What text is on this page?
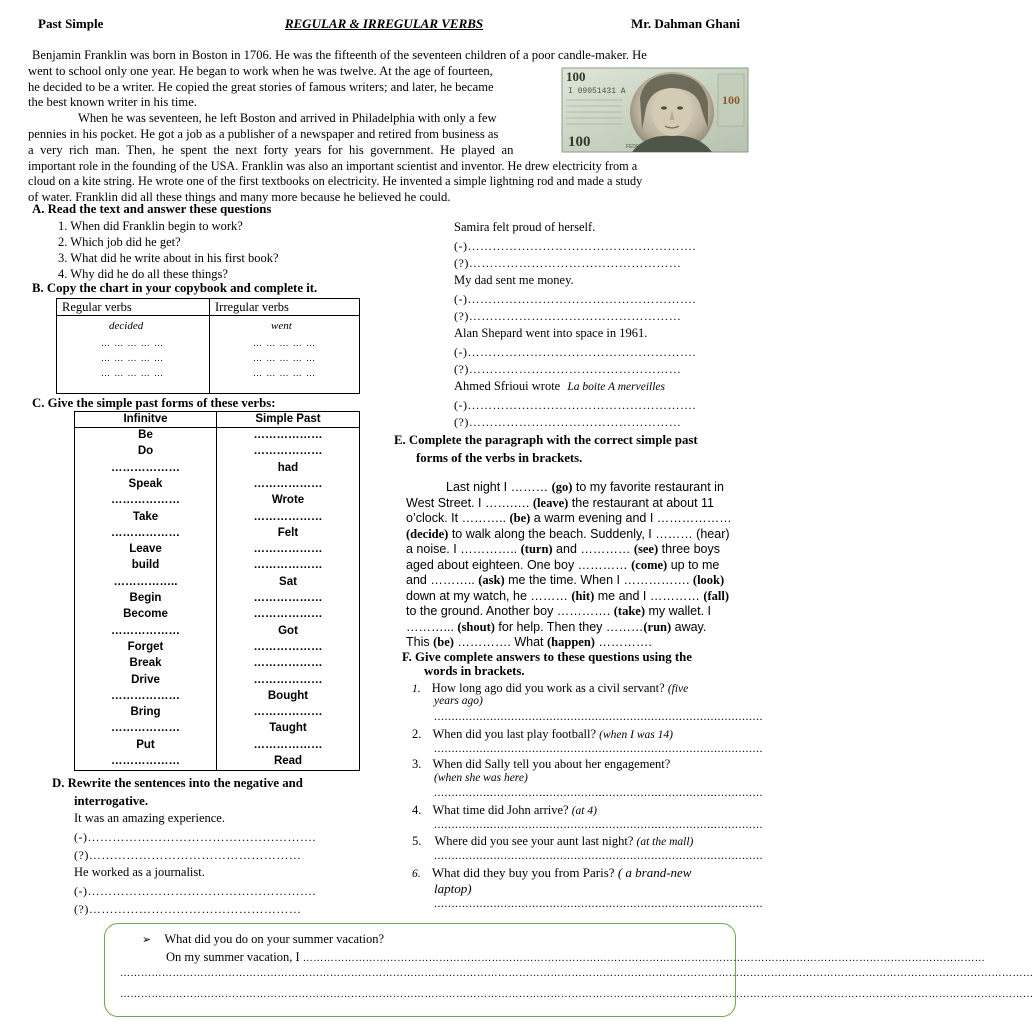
Past Simple	REGULAR & IRREGULAR VERBS	Mr. Dahman Ghani
Benjamin Franklin was born in Boston in 1706. He was the fifteenth of the seventeen children of a poor candle-maker. He
went to school only one year. He began to work when he was twelve. At the age of fourteen,
he decided to be a writer. He copied the great stories of famous writers; and later, he became
the best known writer in his time.
When he was seventeen, he left Boston and arrived in Philadelphia with only a few
pennies in his pocket. He got a job as a publisher of a newspaper and retired from business as
a very rich man. Then, he spent the next forty years for his government. He played an
important role in the founding of the USA. Franklin was also an important scientist and inventor. He drew electricity from a
cloud on a kite string. He wrote one of the first textbooks on electricity. He invented a simple lightning rod and made a study
of water. Franklin did all these things and many more because he believed he could.
100
I 09051431 A
100
100	FEDERAL RESERVE NOTE
A. Read the text and answer these questions
1. When did Franklin begin to work?
2. Which job did he get?
3. What did he write about in his first book?
4. Why did he do all these things?
B. Copy the chart in your copybook and complete it.
Regular verbs	Irregular verbs
decided	went
… … … … …	… … … … …
… … … … …	… … … … …
… … … … …	… … … … …
C. Give the simple past forms of these verbs:
Infinitve	Simple Past
Be	………………
Do	………………
………………	had
Speak	………………
………………	Wrote
Take	………………
………………	Felt
Leave	………………
build	………………
……………..	Sat
Begin	………………
Become	………………
………………	Got
Forget	………………
Break	………………
Drive	………………
………………	Bought
Bring	………………
………………	Taught
Put	………………
………………	Read
D. Rewrite the sentences into the negative and
interrogative.
It was an amazing experience.
(-)……………………………………………….
(?)……………………………………………
He worked as a journalist.
(-)……………………………………………….
(?)……………………………………………
Samira felt proud of herself.
(-)……………………………………………….
(?)……………………………………………
My dad sent me money.
(-)……………………………………………….
(?)……………………………………………
Alan Shepard went into space in 1961.
(-)……………………………………………….
(?)……………………………………………
Ahmed Sfrioui wrote La boite A merveilles
(-)……………………………………………….
(?)……………………………………………
E. Complete the paragraph with the correct simple past
forms of the verbs in brackets.
Last night I ……… (go) to my favorite restaurant in
West Street. I …….…. (leave) the restaurant at about 11
o’clock. It ……….. (be) a warm evening and I ………………
(decide) to walk along the beach. Suddenly, I ……… (hear)
a noise. I ………….. (turn) and ………… (see) three boys
aged about eighteen. One boy ………… (come) up to me
and ……….. (ask) me the time. When I ……………. (look)
down at my watch, he ……… (hit) me and I ………… (fall)
to the ground. Another boy …………. (take) my wallet. I
………... (shout) for help. Then they ………(run) away.
This (be) …………. What (happen) ………….
F. Give complete answers to these questions using the
words in brackets.
1. How long ago did you work as a civil servant? (five
years ago)
..............................................................................................
2. When did you last play football? (when I was 14)
..............................................................................................
3. When did Sally tell you about her engagement?
(when she was here)
..............................................................................................
4. What time did John arrive? (at 4)
..............................................................................................
5. Where did you see your aunt last night? (at the mall)
..............................................................................................
6. What did they buy you from Paris? ( a brand-new
laptop)
..............................................................................................
➢ What did you do on your summer vacation?
On my summer vacation, I ……………………………………………………………………………………………………………………………………………………………………………
………………………………………………………………………………………………………………………………………………………………………………………………………………………………………
………………………………………………………………………………………………………………………………………………………………………………………………………………………………………
